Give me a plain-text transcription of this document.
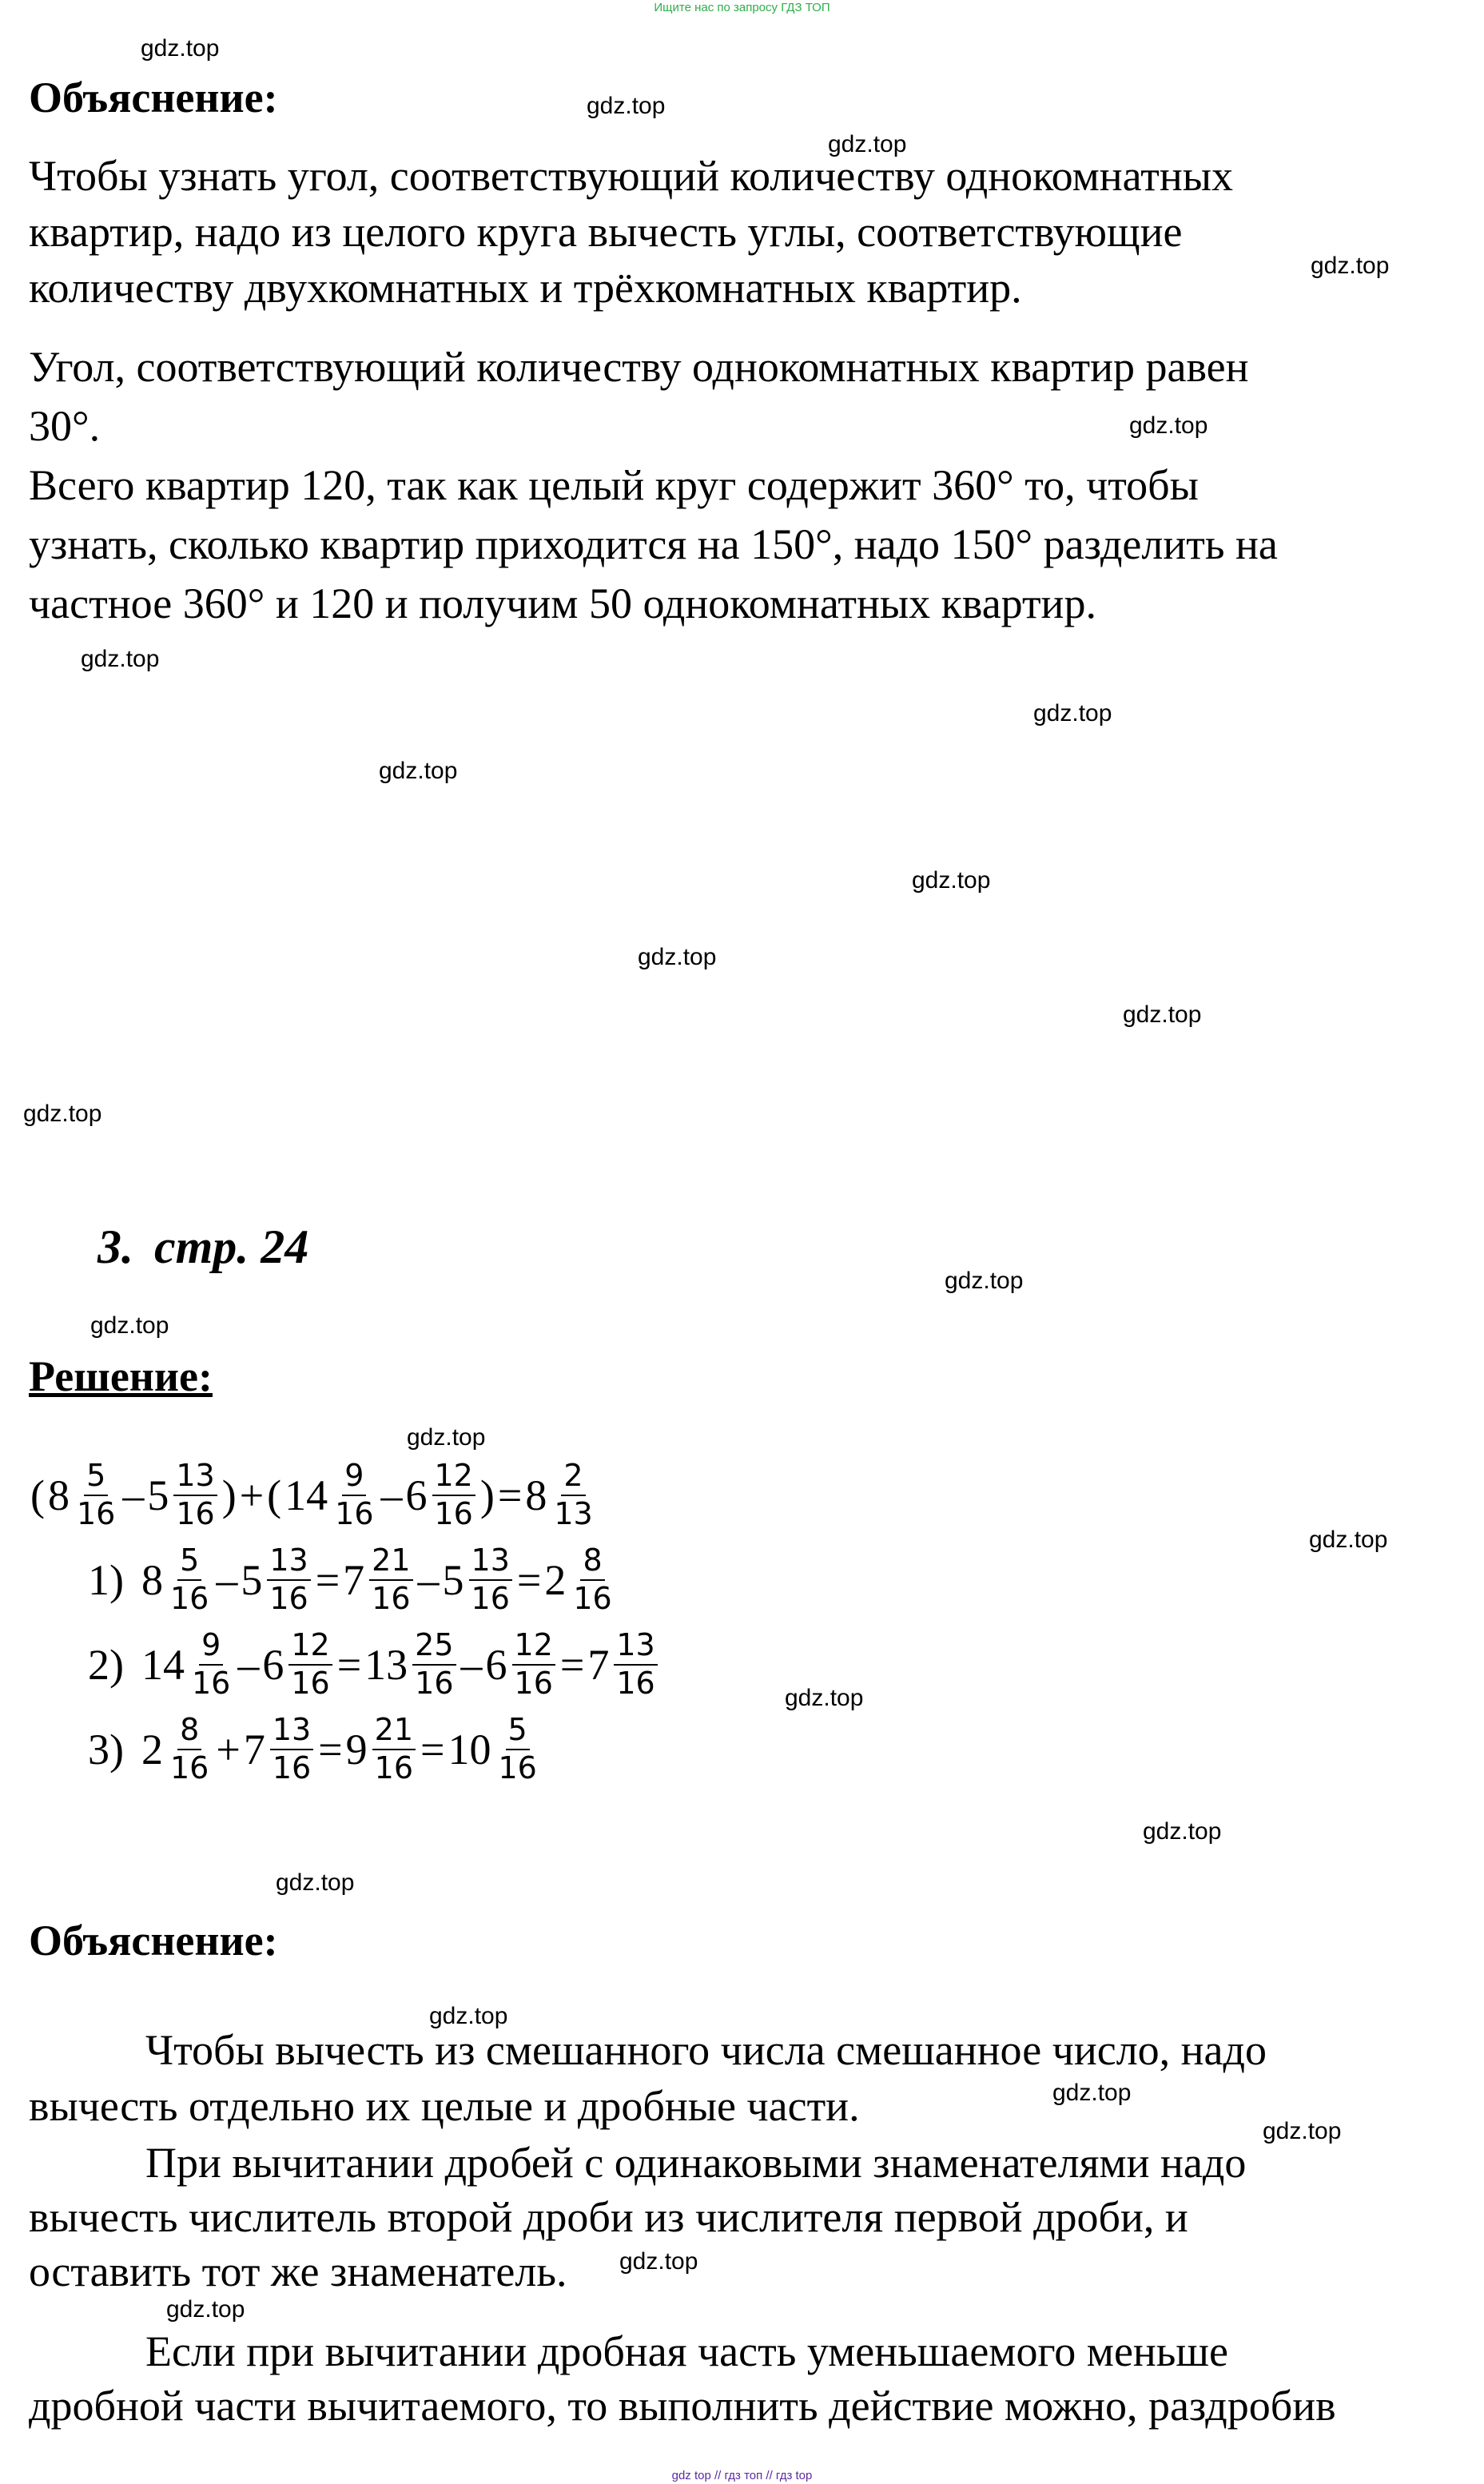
Ищите нас по запросу ГДЗ ТОП
gdz.top
gdz.top
gdz.top
gdz.top
gdz.top
gdz.top
gdz.top
gdz.top
gdz.top
gdz.top
gdz.top
gdz.top
gdz.top
gdz.top
gdz.top
gdz.top
gdz.top
gdz.top
gdz.top
gdz.top
gdz.top
gdz.top
gdz.top
gdz.top
Объяснение:
Чтобы узнать угол, соответствующий количеству однокомнатных
квартир, надо из целого круга вычесть углы, соответствующие
количеству двухкомнатных и трёхкомнатных квартир.
Угол, соответствующий количеству однокомнатных квартир равен
30°.
Всего квартир 120, так как целый круг содержит 360° то, чтобы
узнать, сколько квартир приходится на 150°, надо 150° разделить на
частное 360° и 120 и получим 50 однокомнатных квартир.
3. стр. 24
Решение:
( $8 \frac{5}{16} - 5 \frac{13}{16}$ ) + ( $14 \frac{9}{16} - 6 \frac{12}{16}$ ) = $8 \frac{2}{13}$
1) $8 \frac{5}{16} - 5 \frac{13}{16} = 7 \frac{21}{16} - 5 \frac{13}{16} = 2 \frac{8}{16}$
2) $14 \frac{9}{16} - 6 \frac{12}{16} = 13 \frac{25}{16} - 6 \frac{12}{16} = 7 \frac{13}{16}$
3) $2 \frac{8}{16} + 7 \frac{13}{16} = 9 \frac{21}{16} = 10 \frac{5}{16}$
Объяснение:
Чтобы вычесть из смешанного числа смешанное число, надо
вычесть отдельно их целые и дробные части.
При вычитании дробей с одинаковыми знаменателями надо
вычесть числитель второй дроби из числителя первой дроби, и
оставить тот же знаменатель.
Если при вычитании дробная часть уменьшаемого меньше
дробной части вычитаемого, то выполнить действие можно, раздробив
gdz top // гдз топ // гдз top
